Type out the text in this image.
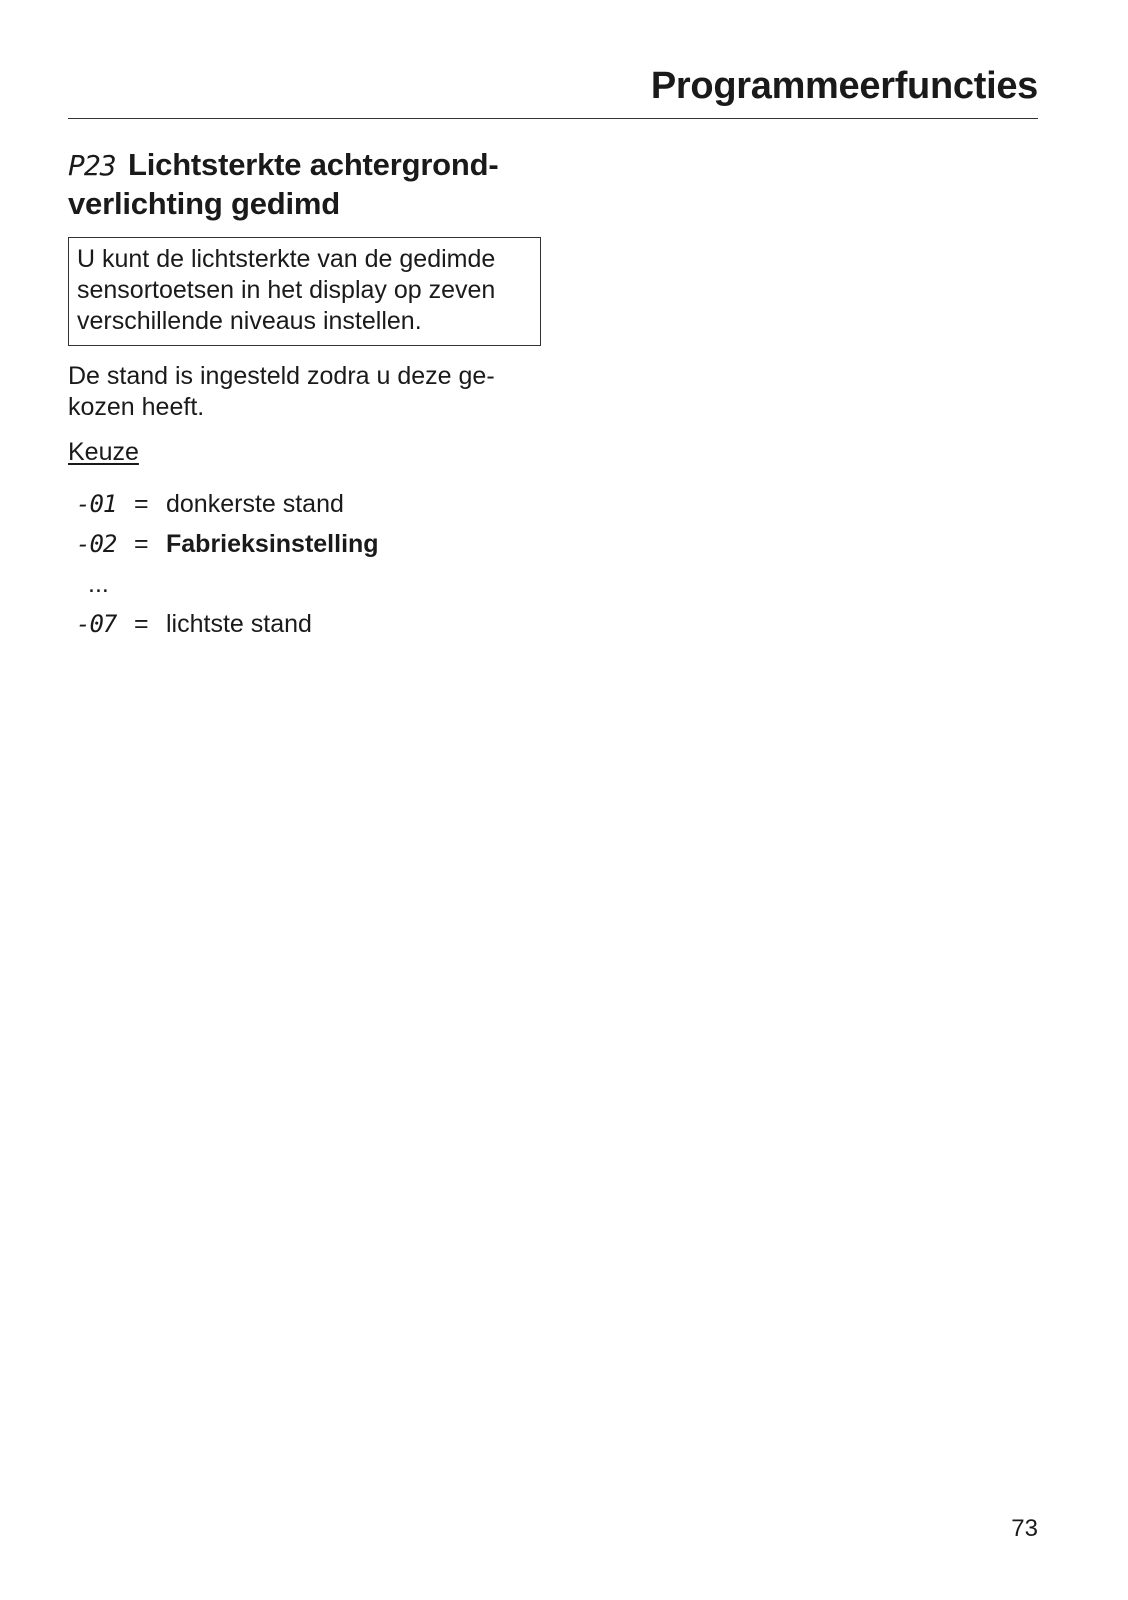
Programmeerfuncties
P23 Lichtsterkte achtergrond-
verlichting gedimd
U kunt de lichtsterkte van de gedimde sensortoetsen in het display op zeven verschillende niveaus instellen.
De stand is ingesteld zodra u deze ge-kozen heeft.
Keuze
-01 = donkerste stand
-02 = Fabrieksinstelling
...
-07 = lichtste stand
73
